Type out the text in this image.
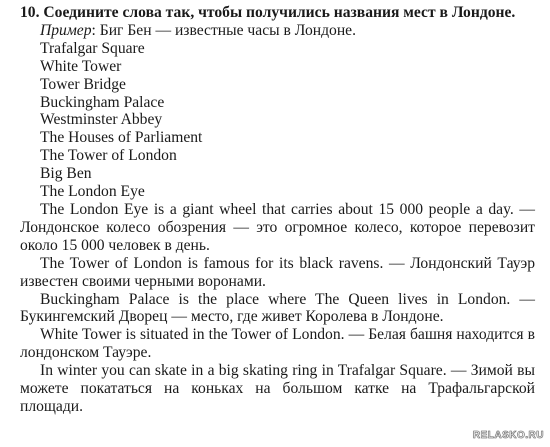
10. Соедините слова так, чтобы получились названия мест в Лондоне.
Пример: Биг Бен — известные часы в Лондоне.
Trafalgar Square
White Tower
Tower Bridge
Buckingham Palace
Westminster Abbey
The Houses of Parliament
The Tower of London
Big Ben
The London Eye

The London Eye is a giant wheel that carries about 15 000 people a day. — Лондонское колесо обозрения — это огромное колесо, которое перевозит около 15 000 человек в день.

The Tower of London is famous for its black ravens. — Лондонский Тауэр известен своими черными воронами.

Buckingham Palace is the place where The Queen lives in London. — Букингемский Дворец — место, где живет Королева в Лондоне.

White Tower is situated in the Tower of London. — Белая башня находится в лондонском Тауэре.

In winter you can skate in a big skating ring in Trafalgar Square. — Зимой вы можете покататься на коньках на большом катке на Трафальгарской площади.

RELASKO.RU
